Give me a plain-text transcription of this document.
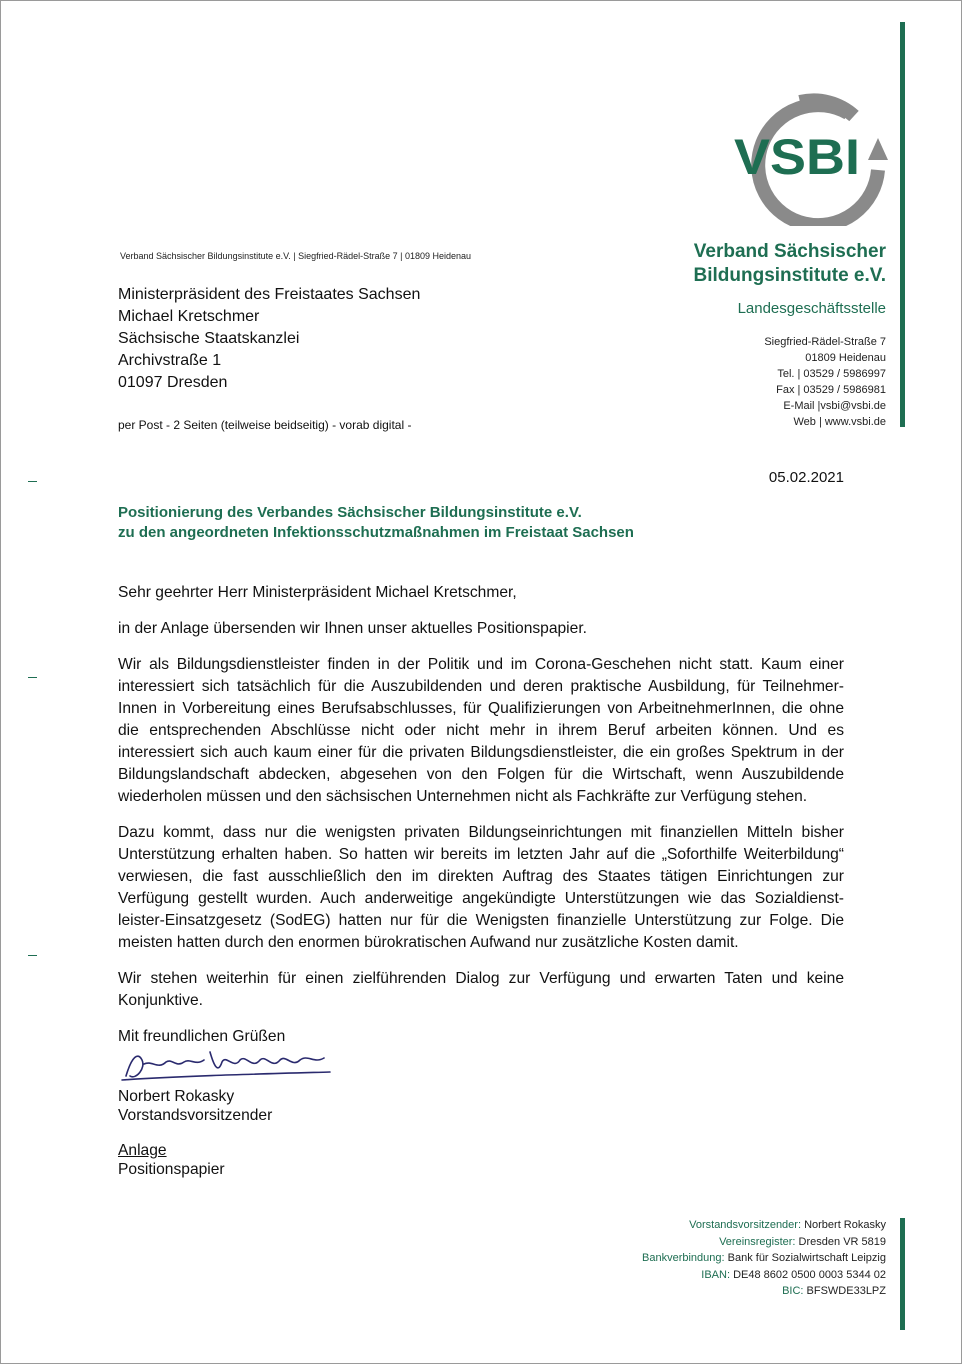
VSBI
Verband Sächsischer
Bildungsinstitute e.V.
Landesgeschäftsstelle
Siegfried-Rädel-Straße 7
01809 Heidenau
Tel. | 03529 / 5986997
Fax | 03529 / 5986981
E-Mail |vsbi@vsbi.de
Web | www.vsbi.de
Verband Sächsischer Bildungsinstitute e.V. | Siegfried-Rädel-Straße 7 | 01809 Heidenau
Ministerpräsident des Freistaates Sachsen
Michael Kretschmer
Sächsische Staatskanzlei
Archivstraße 1
01097 Dresden
per Post - 2 Seiten (teilweise beidseitig) - vorab digital -
05.02.2021
Positionierung des Verbandes Sächsischer Bildungsinstitute e.V.
zu den angeordneten Infektionsschutzmaßnahmen im Freistaat Sachsen
Sehr geehrter Herr Ministerpräsident Michael Kretschmer,

in der Anlage übersenden wir Ihnen unser aktuelles Positionspapier.

Wir als Bildungsdienstleister finden in der Politik und im Corona-Geschehen nicht statt. Kaum einer interessiert sich tatsächlich für die Auszubildenden und deren praktische Ausbildung, für Teilnehmer-Innen in Vorbereitung eines Berufsabschlusses, für Qualifizierungen von ArbeitnehmerInnen, die ohne die entsprechenden Abschlüsse nicht oder nicht mehr in ihrem Beruf arbeiten können. Und es interessiert sich auch kaum einer für die privaten Bildungsdienstleister, die ein großes Spektrum in der Bildungslandschaft abdecken, abgesehen von den Folgen für die Wirtschaft, wenn Auszubildende wiederholen müssen und den sächsischen Unternehmen nicht als Fachkräfte zur Verfügung stehen.

Dazu kommt, dass nur die wenigsten privaten Bildungseinrichtungen mit finanziellen Mitteln bisher Unterstützung erhalten haben. So hatten wir bereits im letzten Jahr auf die „Soforthilfe Weiterbildung“ verwiesen, die fast ausschließlich den im direkten Auftrag des Staates tätigen Einrichtungen zur Verfügung gestellt wurden. Auch anderweitige angekündigte Unterstützungen wie das Sozialdienst-leister-Einsatzgesetz (SodEG) hatten nur für die Wenigsten finanzielle Unterstützung zur Folge. Die meisten hatten durch den enormen bürokratischen Aufwand nur zusätzliche Kosten damit.

Wir stehen weiterhin für einen zielführenden Dialog zur Verfügung und erwarten Taten und keine Konjunktive.

Mit freundlichen Grüßen
Norbert Rokasky
Vorstandsvorsitzender
Anlage
Positionspapier
Vorstandsvorsitzender: Norbert Rokasky
Vereinsregister: Dresden VR 5819
Bankverbindung: Bank für Sozialwirtschaft Leipzig
IBAN: DE48 8602 0500 0003 5344 02
BIC: BFSWDE33LPZ
